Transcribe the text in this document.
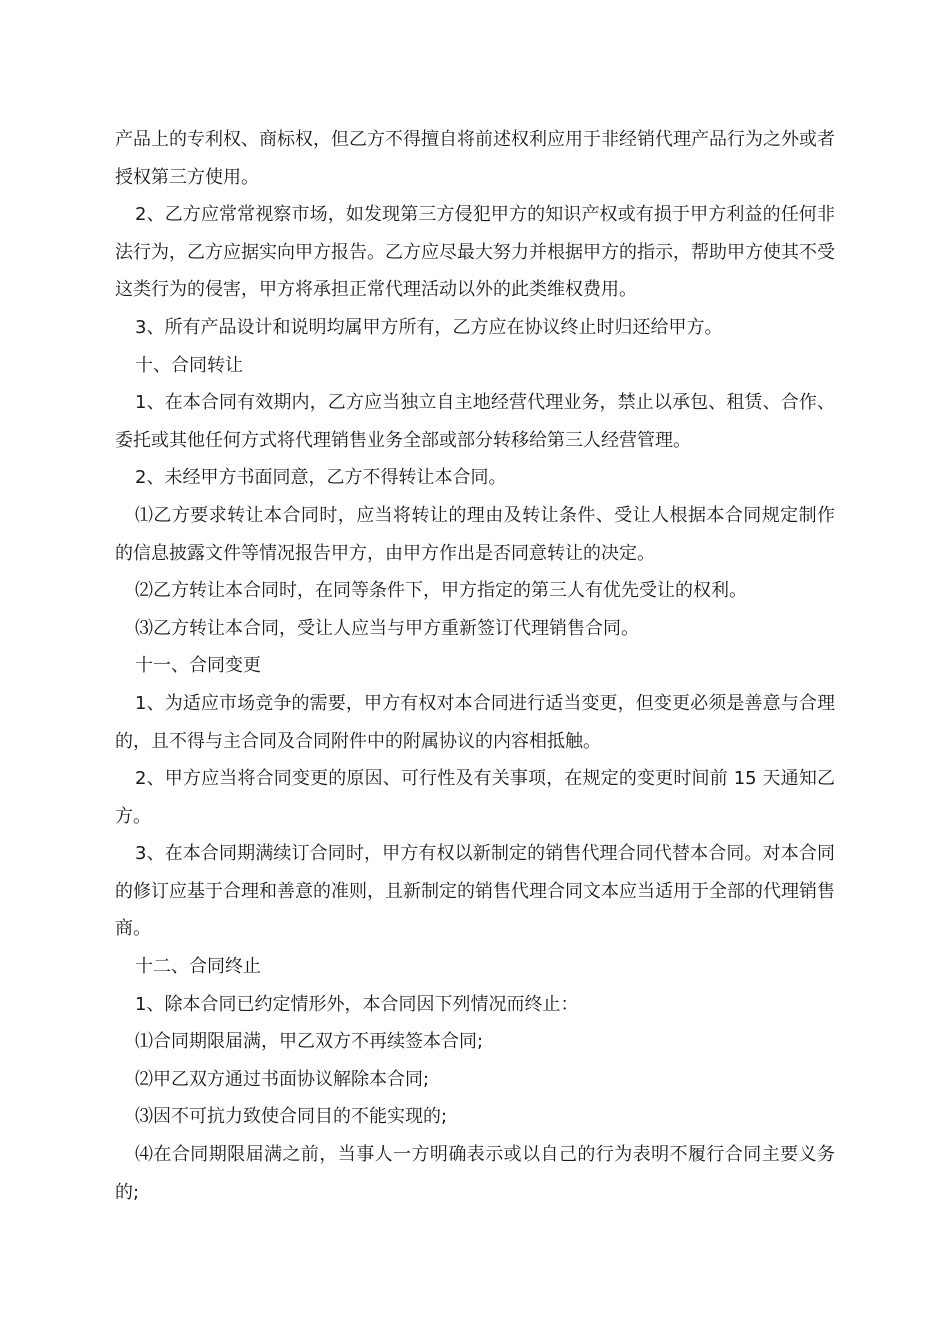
产品上的专利权、商标权，但乙方不得擅自将前述权利应用于非经销代理产品行为之外或者授权第三方使用。

2、乙方应常常视察市场，如发现第三方侵犯甲方的知识产权或有损于甲方利益的任何非法行为，乙方应据实向甲方报告。乙方应尽最大努力并根据甲方的指示，帮助甲方使其不受这类行为的侵害，甲方将承担正常代理活动以外的此类维权费用。

3、所有产品设计和说明均属甲方所有，乙方应在协议终止时归还给甲方。

十、合同转让

1、在本合同有效期内，乙方应当独立自主地经营代理业务，禁止以承包、租赁、合作、委托或其他任何方式将代理销售业务全部或部分转移给第三人经营管理。

2、未经甲方书面同意，乙方不得转让本合同。

⑴乙方要求转让本合同时，应当将转让的理由及转让条件、受让人根据本合同规定制作的信息披露文件等情况报告甲方，由甲方作出是否同意转让的决定。

⑵乙方转让本合同时，在同等条件下，甲方指定的第三人有优先受让的权利。

⑶乙方转让本合同，受让人应当与甲方重新签订代理销售合同。

十一、合同变更

1、为适应市场竞争的需要，甲方有权对本合同进行适当变更，但变更必须是善意与合理的，且不得与主合同及合同附件中的附属协议的内容相抵触。

2、甲方应当将合同变更的原因、可行性及有关事项，在规定的变更时间前 15 天通知乙方。

3、在本合同期满续订合同时，甲方有权以新制定的销售代理合同代替本合同。对本合同的修订应基于合理和善意的准则，且新制定的销售代理合同文本应当适用于全部的代理销售商。

十二、合同终止

1、除本合同已约定情形外，本合同因下列情况而终止：

⑴合同期限届满，甲乙双方不再续签本合同;

⑵甲乙双方通过书面协议解除本合同;

⑶因不可抗力致使合同目的不能实现的;

⑷在合同期限届满之前，当事人一方明确表示或以自己的行为表明不履行合同主要义务的;
